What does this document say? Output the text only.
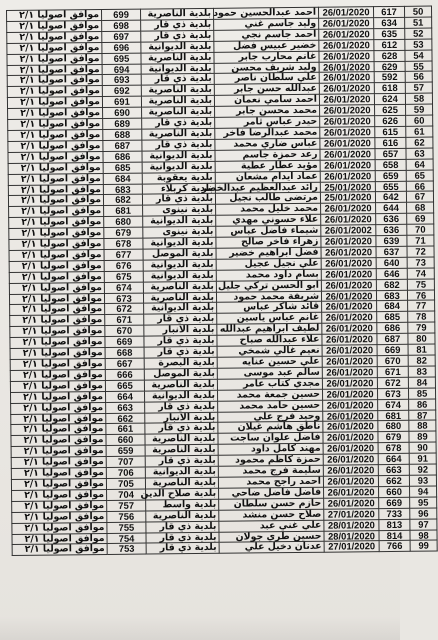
موافق اصوليا ٢/١	699	بلدية الناصرية	احمد عبدالحسين حمود	26/01/2020	617	50
موافق اصوليا ٢/١	698	بلدية ذي قار	وليد جاسم غني	26/01/2020	634	51
موافق اصوليا ٢/١	697	بلدية ذي قار	احمد جاسم نجي	26/01/2020	635	52
موافق اصوليا ٢/١	696	بلدية الديوانية	خضير عبيس فضل	26/01/2020	612	53
موافق اصوليا ٢/١	695	بلدية الناصرية	غانم محارب جابر	26/01/2020	628	54
موافق اصوليا ٢/١	694	بلدية الديوانية	وليد شريف محسن	26/01/2020	629	55
موافق اصوليا ٢/١	693	بلدية ذي قار	علي سلطان ناصر	26/01/2020	592	56
موافق اصوليا ٢/١	692	بلدية الناصرية	عبدالله حسن جابر	26/01/2020	618	57
موافق اصوليا ٢/١	691	بلدية الناصرية	احمد سامي نعمان	26/01/2020	624	58
موافق اصوليا ٢/١	690	بلدية الناصرية	محمد محسن جابر	26/01/2020	625	59
موافق اصوليا ٢/١	689	بلدية ذي قار	حيدر عباس ثامر	26/01/2020	626	60
موافق اصوليا ٢/١	688	بلدية الناصرية	محمد عبدالرضا فاخر	26/01/2020	615	61
موافق اصوليا ٢/١	687	بلدية ذي قار	عباس ضاري محمد	26/01/2020	616	62
موافق اصوليا ٢/١	686	بلدية الديوانية	رعد حمزة جاسم	26/01/2020	657	63
موافق اصوليا ٢/١	685	بلدية الديوانية	مؤيد عطار عطية	26/01/2020	658	64
موافق اصوليا ٢/١	684	بلدية يعقوبة	عماد ايدام مشعان	26/01/2020	659	65
موافق اصوليا ٢/١	683	بلدية كربلاء	رائد عبدالعظيم عبدالخضر	25/01/2020	655	66
موافق اصوليا ٢/١	682	بلدية ذي قار	مرتضى طالب نجيل	25/01/2020	642	67
موافق اصوليا ٢/١	681	بلدية نينوى	محمد خليل محمد	26/01/2020	644	68
موافق اصوليا ٢/١	680	بلدية الديوانية	علاء حسوني مهدي	26/01/2020	636	69
موافق اصوليا ٢/١	679	بلدية نينوى	شيماء فاضل عباس	26/01/2002	636	70
موافق اصوليا ٢/١	678	بلدية الديوانية	زهراء فاخر صالح	26/01/2020	639	71
موافق اصوليا ٢/١	677	بلدية الموصل	فضل ابراهيم خضير	26/01/2020	637	72
موافق اصوليا ٢/١	676	بلدية الديوانية	علي نجيل عجيل	26/01/2020	640	73
موافق اصوليا ٢/١	675	بلدية الديوانية	بسام داود محمد	26/01/2020	646	74
موافق اصوليا ٢/١	674	بلدية الناصرية	ابو الحسن تركي جليل	26/01/2020	682	75
موافق اصوليا ٢/١	673	بلدية الناصرية	شريفة محمد حمود	26/01/2020	683	76
موافق اصوليا ٢/١	672	بلدية الديوانية	قائد شاكر عباس	26/01/2020	684	77
موافق اصوليا ٢/١	671	بلدية ذي قار	غانم عباس ياسين	26/01/2020	685	78
موافق اصوليا ٢/١	670	بلدية الانبار	لطيف ابراهيم عبدالله	26/01/2020	686	79
موافق اصوليا ٢/١	669	بلدية ذي قار	علاء عبدالله صباح	26/01/2020	687	80
موافق اصوليا ٢/١	668	بلدية ذي قار	نعيم غالي شمخي	26/01/2020	669	81
موافق اصوليا ٢/١	667	بلدية البصرة	علي حسين عنايه	26/01/2020	670	82
موافق اصوليا ٢/١	666	بلدية الموصل	سالم عبد موسى	26/01/2020	671	83
موافق اصوليا ٢/١	665	بلدية الناصرية	مجدي كتاب عامر	26/01/2020	672	84
موافق اصوليا ٢/١	664	بلدية الديوانية	حسين جمعة محمد	26/01/2020	673	85
موافق اصوليا ٢/١	663	بلدية ذي قار	حسين حامد محمد	26/01/2020	674	86
موافق اصوليا ٢/١	662	بلدية الانبار	وحيد فرج علي	26/01/2020	681	87
موافق اصوليا ٢/١	661	بلدية ذي قار	ناطق هاشم غيلان	26/01/2020	680	88
موافق اصوليا ٢/١	660	بلدية الناصرية	فاضل علوان ساجت	26/01/2020	679	89
موافق اصوليا ٢/١	659	بلدية الناصرية	مهند كامل داود	26/01/2020	678	90
موافق اصوليا ٢/١	707	بلدية ذي قار	حمزة كاظم محمود	26/01/2020	664	91
موافق اصوليا ٢/١	706	بلدية الديوانية	سليمة فرج محمد	26/01/2020	663	92
موافق اصوليا ٢/١	705	بلدية الناصرية	احمد راجح محمد	26/01/2020	662	93
موافق اصوليا ٢/١	704	بلدية صلاح الدين	فاضل فاضل ضاحي	26/01/2020	660	94
موافق اصوليا ٢/١	757	بلدية واسط	حازم حسن سلطان	26/01/2020	669	95
موافق اصوليا ٢/١	756	بلدية الناصرية	صلاح حسن منشد	27/01/2020	733	96
موافق اصوليا ٢/١	755	بلدية ذي قار	علي غني عبد	28/01/2020	813	97
موافق اصوليا ٢/١	754	بلدية ذي قار	حسين طري جولان	28/01/2020	814	98
موافق اصوليا ٢/١	753	بلدية ذي قار	عدنان دخيل علي	27/01/2020	766	99
